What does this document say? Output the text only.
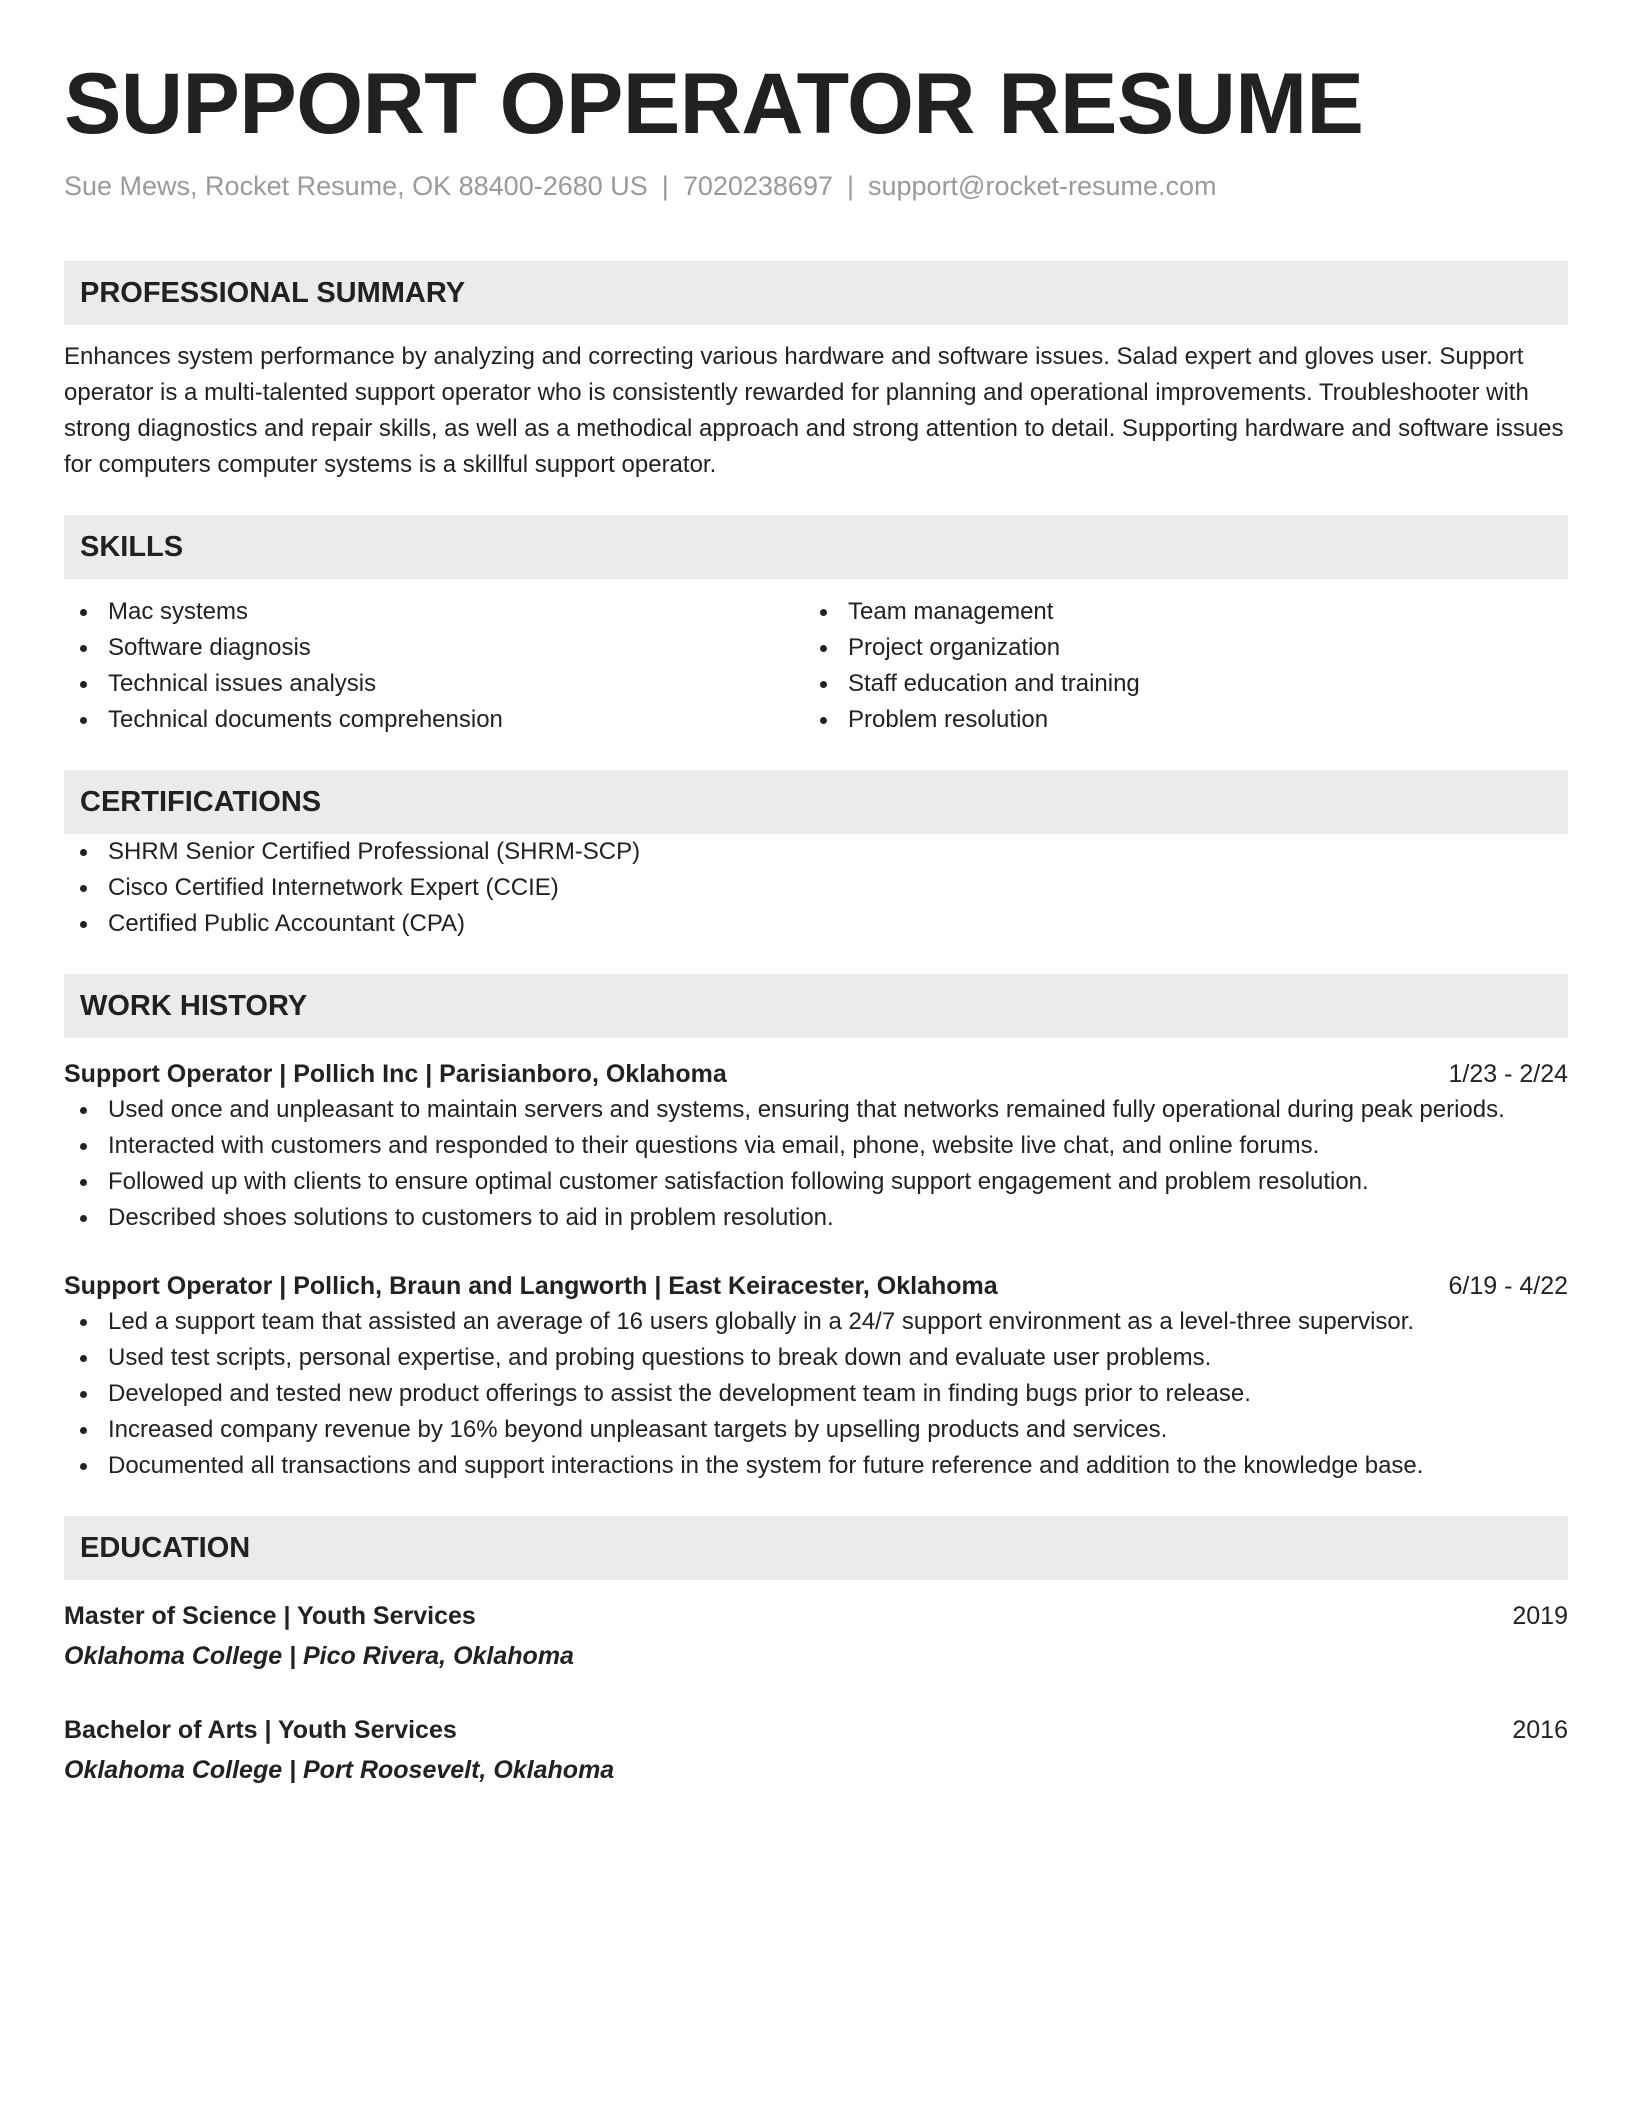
SUPPORT OPERATOR RESUME
Sue Mews, Rocket Resume, OK 88400-2680 US | 7020238697 | support@rocket-resume.com
PROFESSIONAL SUMMARY
Enhances system performance by analyzing and correcting various hardware and software issues. Salad expert and gloves user. Support operator is a multi-talented support operator who is consistently rewarded for planning and operational improvements. Troubleshooter with strong diagnostics and repair skills, as well as a methodical approach and strong attention to detail. Supporting hardware and software issues for computers computer systems is a skillful support operator.
SKILLS
Mac systems
Software diagnosis
Technical issues analysis
Technical documents comprehension
Team management
Project organization
Staff education and training
Problem resolution
CERTIFICATIONS
SHRM Senior Certified Professional (SHRM-SCP)
Cisco Certified Internetwork Expert (CCIE)
Certified Public Accountant (CPA)
WORK HISTORY
Support Operator | Pollich Inc | Parisianboro, Oklahoma	1/23 - 2/24
Used once and unpleasant to maintain servers and systems, ensuring that networks remained fully operational during peak periods.
Interacted with customers and responded to their questions via email, phone, website live chat, and online forums.
Followed up with clients to ensure optimal customer satisfaction following support engagement and problem resolution.
Described shoes solutions to customers to aid in problem resolution.
Support Operator | Pollich, Braun and Langworth | East Keiracester, Oklahoma	6/19 - 4/22
Led a support team that assisted an average of 16 users globally in a 24/7 support environment as a level-three supervisor.
Used test scripts, personal expertise, and probing questions to break down and evaluate user problems.
Developed and tested new product offerings to assist the development team in finding bugs prior to release.
Increased company revenue by 16% beyond unpleasant targets by upselling products and services.
Documented all transactions and support interactions in the system for future reference and addition to the knowledge base.
EDUCATION
Master of Science | Youth Services	2019
Oklahoma College | Pico Rivera, Oklahoma
Bachelor of Arts | Youth Services	2016
Oklahoma College | Port Roosevelt, Oklahoma
